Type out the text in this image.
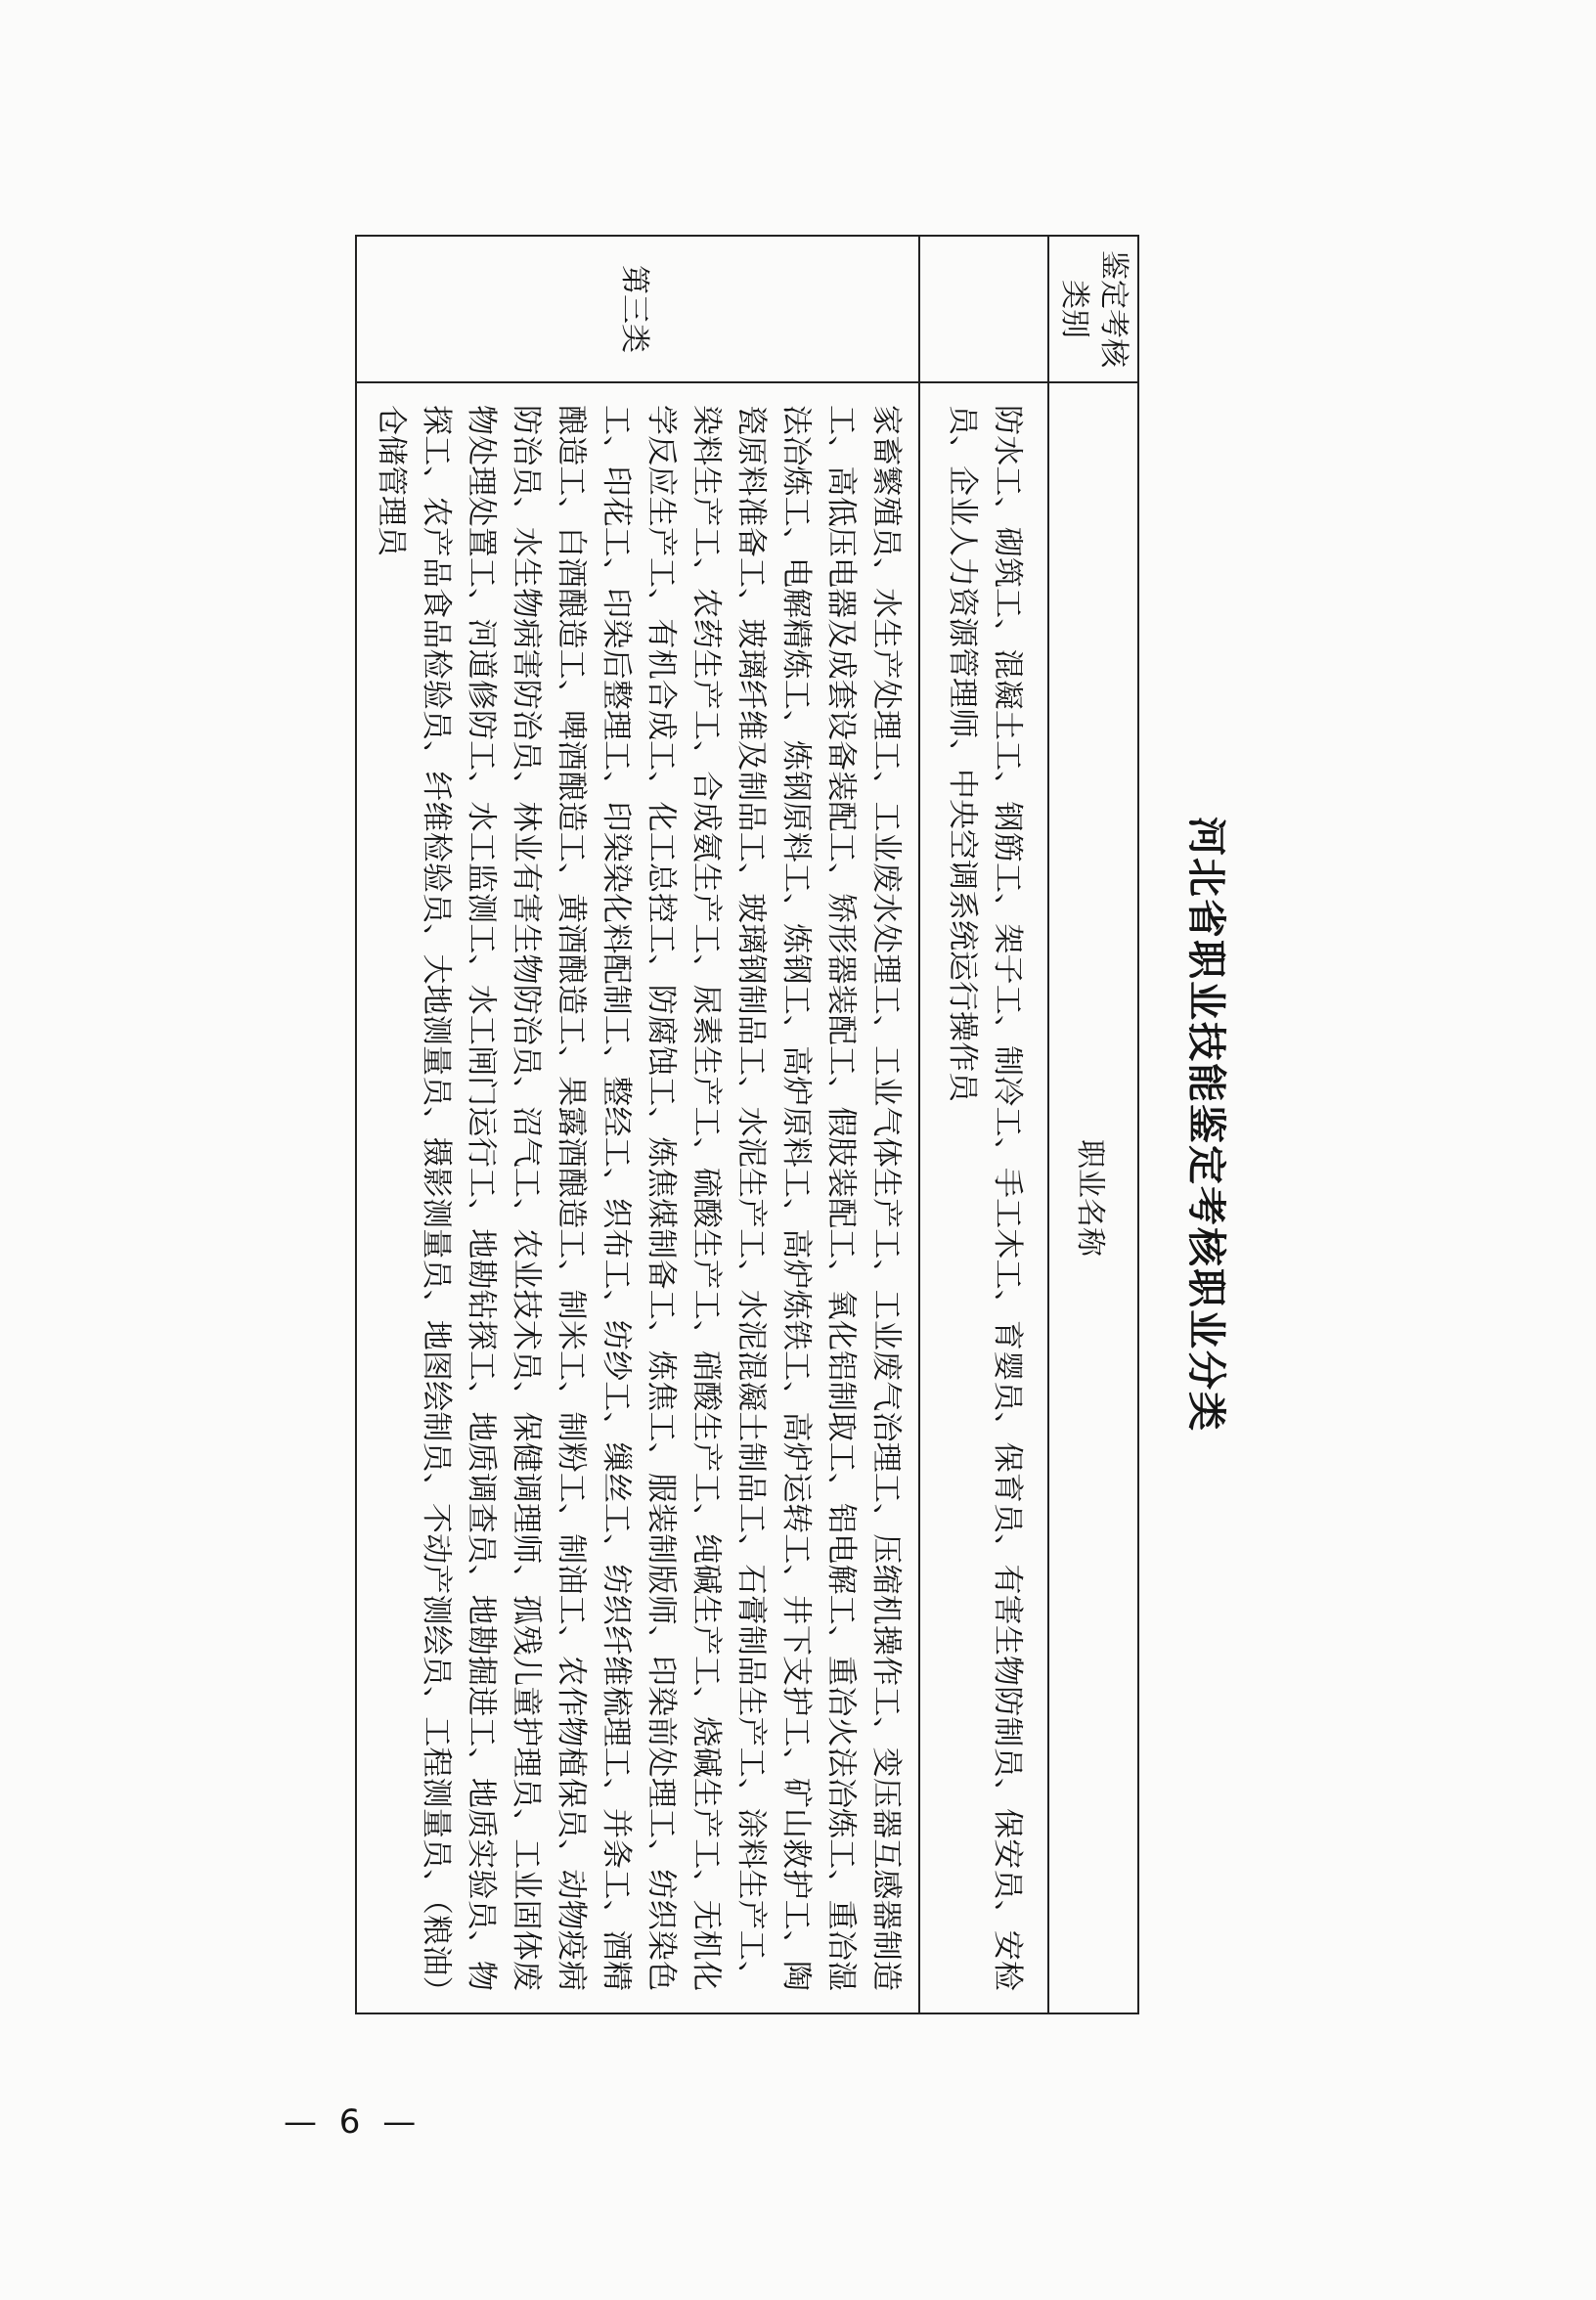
河北省职业技能鉴定考核职业分类
鉴定考核类别	职业名称
	防水工、砌筑工、混凝土工、钢筋工、架子工、制冷工、手工木工、育婴员、保育员、有害生物防制员、保安员、安检员、企业人力资源管理师、中央空调系统运行操作员
第三类	家畜繁殖员、水生产处理工、工业废水处理工、工业气体生产工、工业废气治理工、压缩机操作工、变压器互感器制造工、高低压电器及成套设备装配工、矫形器装配工、假肢装配工、氧化铝制取工、铝电解工、重冶火法冶炼工、重冶湿法冶炼工、电解精炼工、炼钢原料工、炼钢工、高炉原料工、高炉炼铁工、高炉运转工、井下支护工、矿山救护工、陶瓷原料准备工、玻璃纤维及制品工、玻璃钢制品工、水泥生产工、水泥混凝土制品工、石膏制品生产工、涂料生产工、染料生产工、农药生产工、合成氨生产工、尿素生产工、硫酸生产工、硝酸生产工、纯碱生产工、烧碱生产工、无机化学反应生产工、有机合成工、化工总控工、防腐蚀工、炼焦煤制备工、炼焦工、服装制版师、印染前处理工、纺织染色工、印花工、印染后整理工、印染染化料配制工、整经工、织布工、纺纱工、缫丝工、纺织纤维梳理工、并条工、酒精酿造工、白酒酿造工、啤酒酿造工、黄酒酿造工、果露酒酿造工、制米工、制粉工、制油工、农作物植保员、动物疫病防治员、水生物病害防治员、林业有害生物防治员、沼气工、农业技术员、保健调理师、孤残儿童护理员、工业固体废物处理处置工、河道修防工、水工监测工、水工闸门运行工、地勘钻探工、地质调查员、地勘掘进工、地质实验员、物探工、农产品食品检验员、纤维检验员、大地测量员、摄影测量员、地图绘制员、不动产测绘员、工程测量员、（粮油）仓储管理员
— 6 —
